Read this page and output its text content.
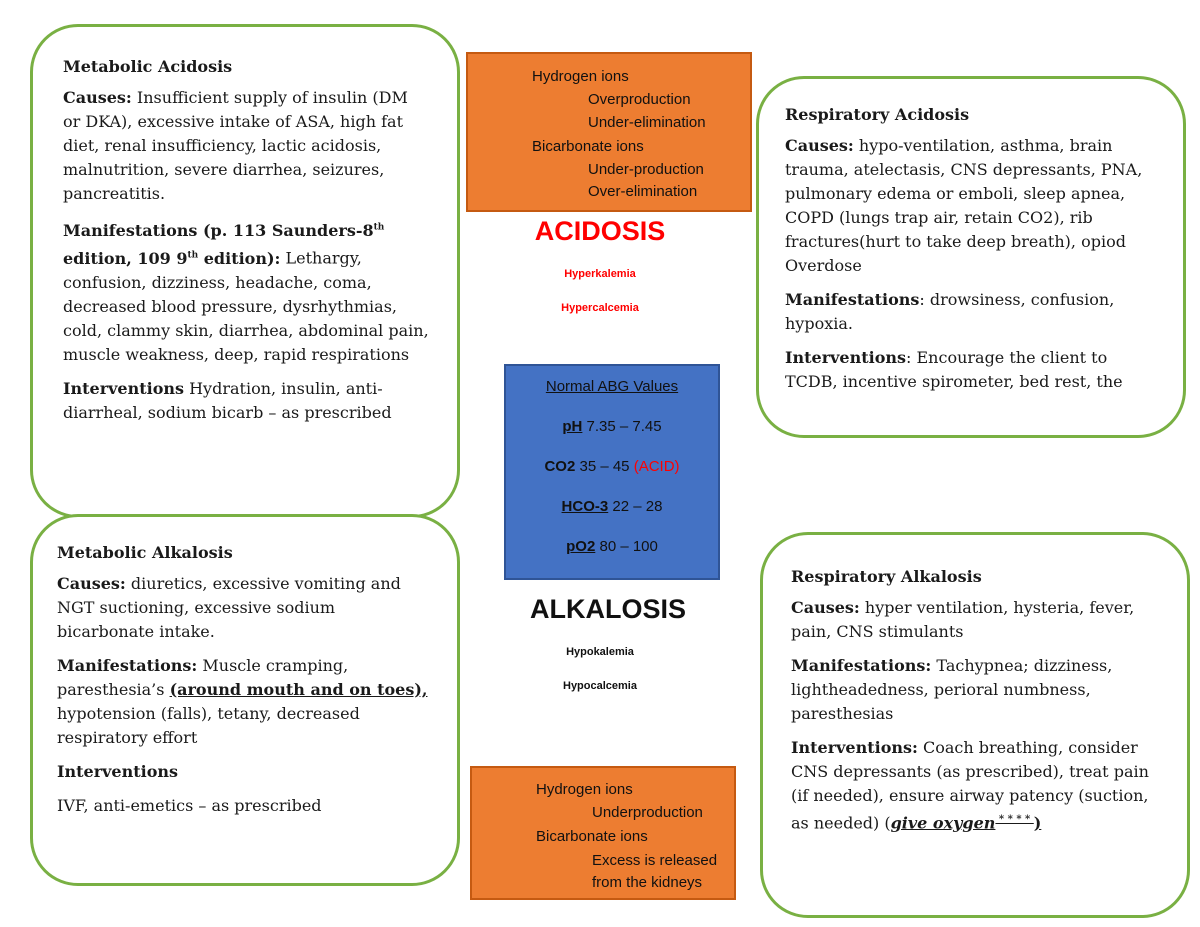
Metabolic Acidosis
Causes: Insufficient supply of insulin (DM or DKA), excessive intake of ASA, high fat diet, renal insufficiency, lactic acidosis, malnutrition, severe diarrhea, seizures, pancreatitis.
Manifestations (p. 113 Saunders-8th edition, 109 9th edition): Lethargy, confusion, dizziness, headache, coma, decreased blood pressure, dysrhythmias, cold, clammy skin, diarrhea, abdominal pain, muscle weakness, deep, rapid respirations
Interventions Hydration, insulin, anti-diarrheal, sodium bicarb – as prescribed
Metabolic Alkalosis
Causes: diuretics, excessive vomiting and NGT suctioning, excessive sodium bicarbonate intake.
Manifestations: Muscle cramping, paresthesia’s (around mouth and on toes), hypotension (falls), tetany, decreased respiratory effort
Interventions
IVF, anti-emetics – as prescribed
Respiratory Acidosis
Causes: hypo-ventilation, asthma, brain trauma, atelectasis, CNS depressants, PNA, pulmonary edema or emboli, sleep apnea, COPD (lungs trap air, retain CO2), rib fractures(hurt to take deep breath), opiod Overdose
Manifestations: drowsiness, confusion, hypoxia.
Interventions: Encourage the client to TCDB, incentive spirometer, bed rest, the
Respiratory Alkalosis
Causes: hyper ventilation, hysteria, fever, pain, CNS stimulants
Manifestations: Tachypnea; dizziness, lightheadedness, perioral numbness, paresthesias
Interventions: Coach breathing, consider CNS depressants (as prescribed), treat pain (if needed), ensure airway patency (suction, as needed) (give oxygen * * * * )
Hydrogen ions
Overproduction
Under-elimination
Bicarbonate ions
Under-production
Over-elimination
ACIDOSIS
Hyperkalemia
Hypercalcemia
Normal ABG Values
pH 7.35 – 7.45
CO2 35 – 45 (ACID)
HCO-3 22 – 28
pO2 80 – 100
ALKALOSIS
Hypokalemia
Hypocalcemia
Hydrogen ions
Underproduction
Bicarbonate ions
Excess is released
from the kidneys
